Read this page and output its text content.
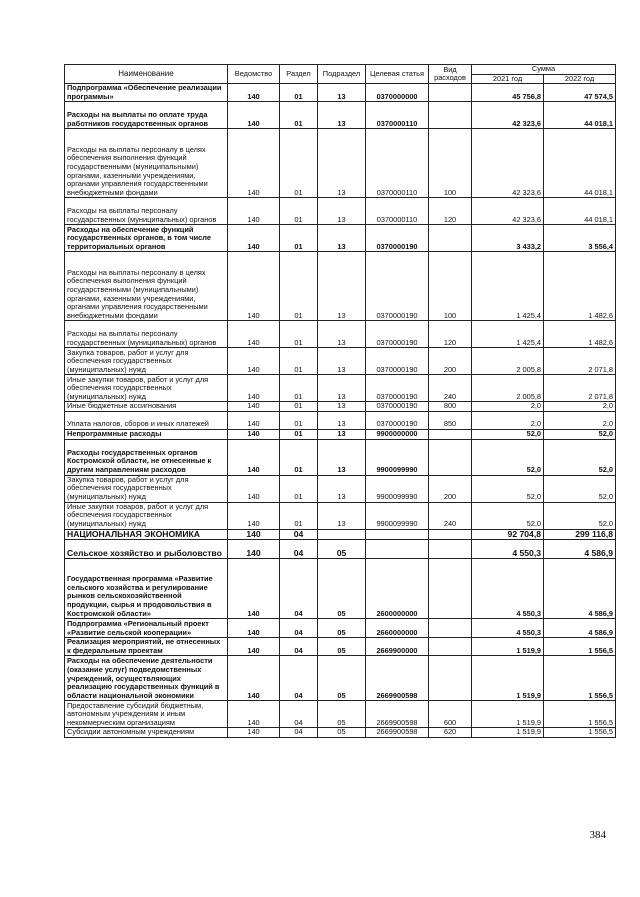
Наименование	Ведомство	Раздел	Подраздел	Целевая статья	Вид расходов	Сумма	
						2021 год	2022 год
Подпрограмма «Обеспечение реализации программы»	140	01	13	0370000000		45 756,8	47 574,5
Расходы на выплаты по оплате труда работников государственных органов	140	01	13	0370000110		42 323,6	44 018,1
Расходы на выплаты персоналу в целях обеспечения выполнения функций государственными (муниципальными) органами, казенными учреждениями, органами управления государственными внебюджетными фондами	140	01	13	0370000110	100	42 323,6	44 018,1
Расходы на выплаты персоналу государственных (муниципальных) органов	140	01	13	0370000110	120	42 323,6	44 018,1
Расходы на обеспечение функций государственных органов, в том числе территориальных органов	140	01	13	0370000190		3 433,2	3 556,4
Расходы на выплаты персоналу в целях обеспечения выполнения функций государственными (муниципальными) органами, казенными учреждениями, органами управления государственными внебюджетными фондами	140	01	13	0370000190	100	1 425,4	1 482,6
Расходы на выплаты персоналу государственных (муниципальных) органов	140	01	13	0370000190	120	1 425,4	1 482,6
Закупка товаров, работ и услуг для обеспечения государственных (муниципальных) нужд	140	01	13	0370000190	200	2 005,8	2 071,8
Иные закупки товаров, работ и услуг для обеспечения государственных (муниципальных) нужд	140	01	13	0370000190	240	2 005,8	2 071,8
Иные бюджетные ассигнования	140	01	13	0370000190	800	2,0	2,0
Уплата налогов, сборов и иных платежей	140	01	13	0370000190	850	2,0	2,0
Непрограммные расходы	140	01	13	9900000000		52,0	52,0
Расходы государственных органов Костромской области, не отнесенные к другим направлениям расходов	140	01	13	9900099990		52,0	52,0
Закупка товаров, работ и услуг для обеспечения государственных (муниципальных) нужд	140	01	13	9900099990	200	52,0	52,0
Иные закупки товаров, работ и услуг для обеспечения государственных (муниципальных) нужд	140	01	13	9900099990	240	52,0	52,0
НАЦИОНАЛЬНАЯ ЭКОНОМИКА	140	04				92 704,8	299 116,8
Сельское хозяйство и рыболовство	140	04	05			4 550,3	4 586,9
Государственная программа «Развитие сельского хозяйства и регулирование рынков сельскохозяйственной продукции, сырья и продовольствия в Костромской области»	140	04	05	2600000000		4 550,3	4 586,9
Подпрограмма «Региональный проект «Развитие сельской кооперации»	140	04	05	2660000000		4 550,3	4 586,9
Реализация мероприятий, не отнесенных к федеральным проектам	140	04	05	2669900000		1 519,9	1 556,5
Расходы на обеспечение деятельности (оказание услуг) подведомственных учреждений, осуществляющих реализацию государственных функций в области национальной экономики	140	04	05	2669900598		1 519,9	1 556,5
Предоставление субсидий бюджетным, автономным учреждениям и иным некоммерческим организациям	140	04	05	2669900598	600	1 519,9	1 556,5
Субсидии автономным учреждениям	140	04	05	2669900598	620	1 519,9	1 556,5
384
